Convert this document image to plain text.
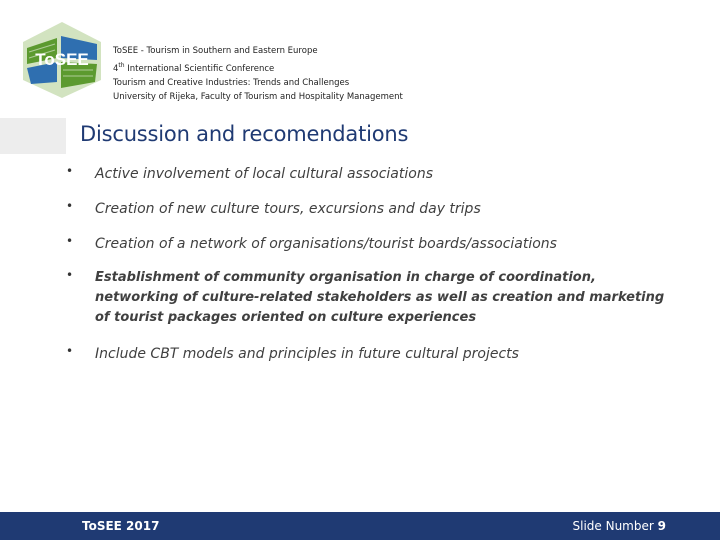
ToSEE	ToSEE - Tourism in Southern and Eastern Europe
4th International Scientific Conference
Tourism and Creative Industries: Trends and Challenges
University of Rijeka, Faculty of Tourism and Hospitality Management
Discussion and recomendations
• Active involvement of local cultural associations
• Creation of new culture tours, excursions and day trips
• Creation of a network of organisations/tourist boards/associations
• Establishment of community organisation in charge of coordination, networking of culture-related stakeholders as well as creation and marketing of tourist packages oriented on culture experiences
• Include CBT models and principles in future cultural projects
ToSEE 2017	Slide Number 9
